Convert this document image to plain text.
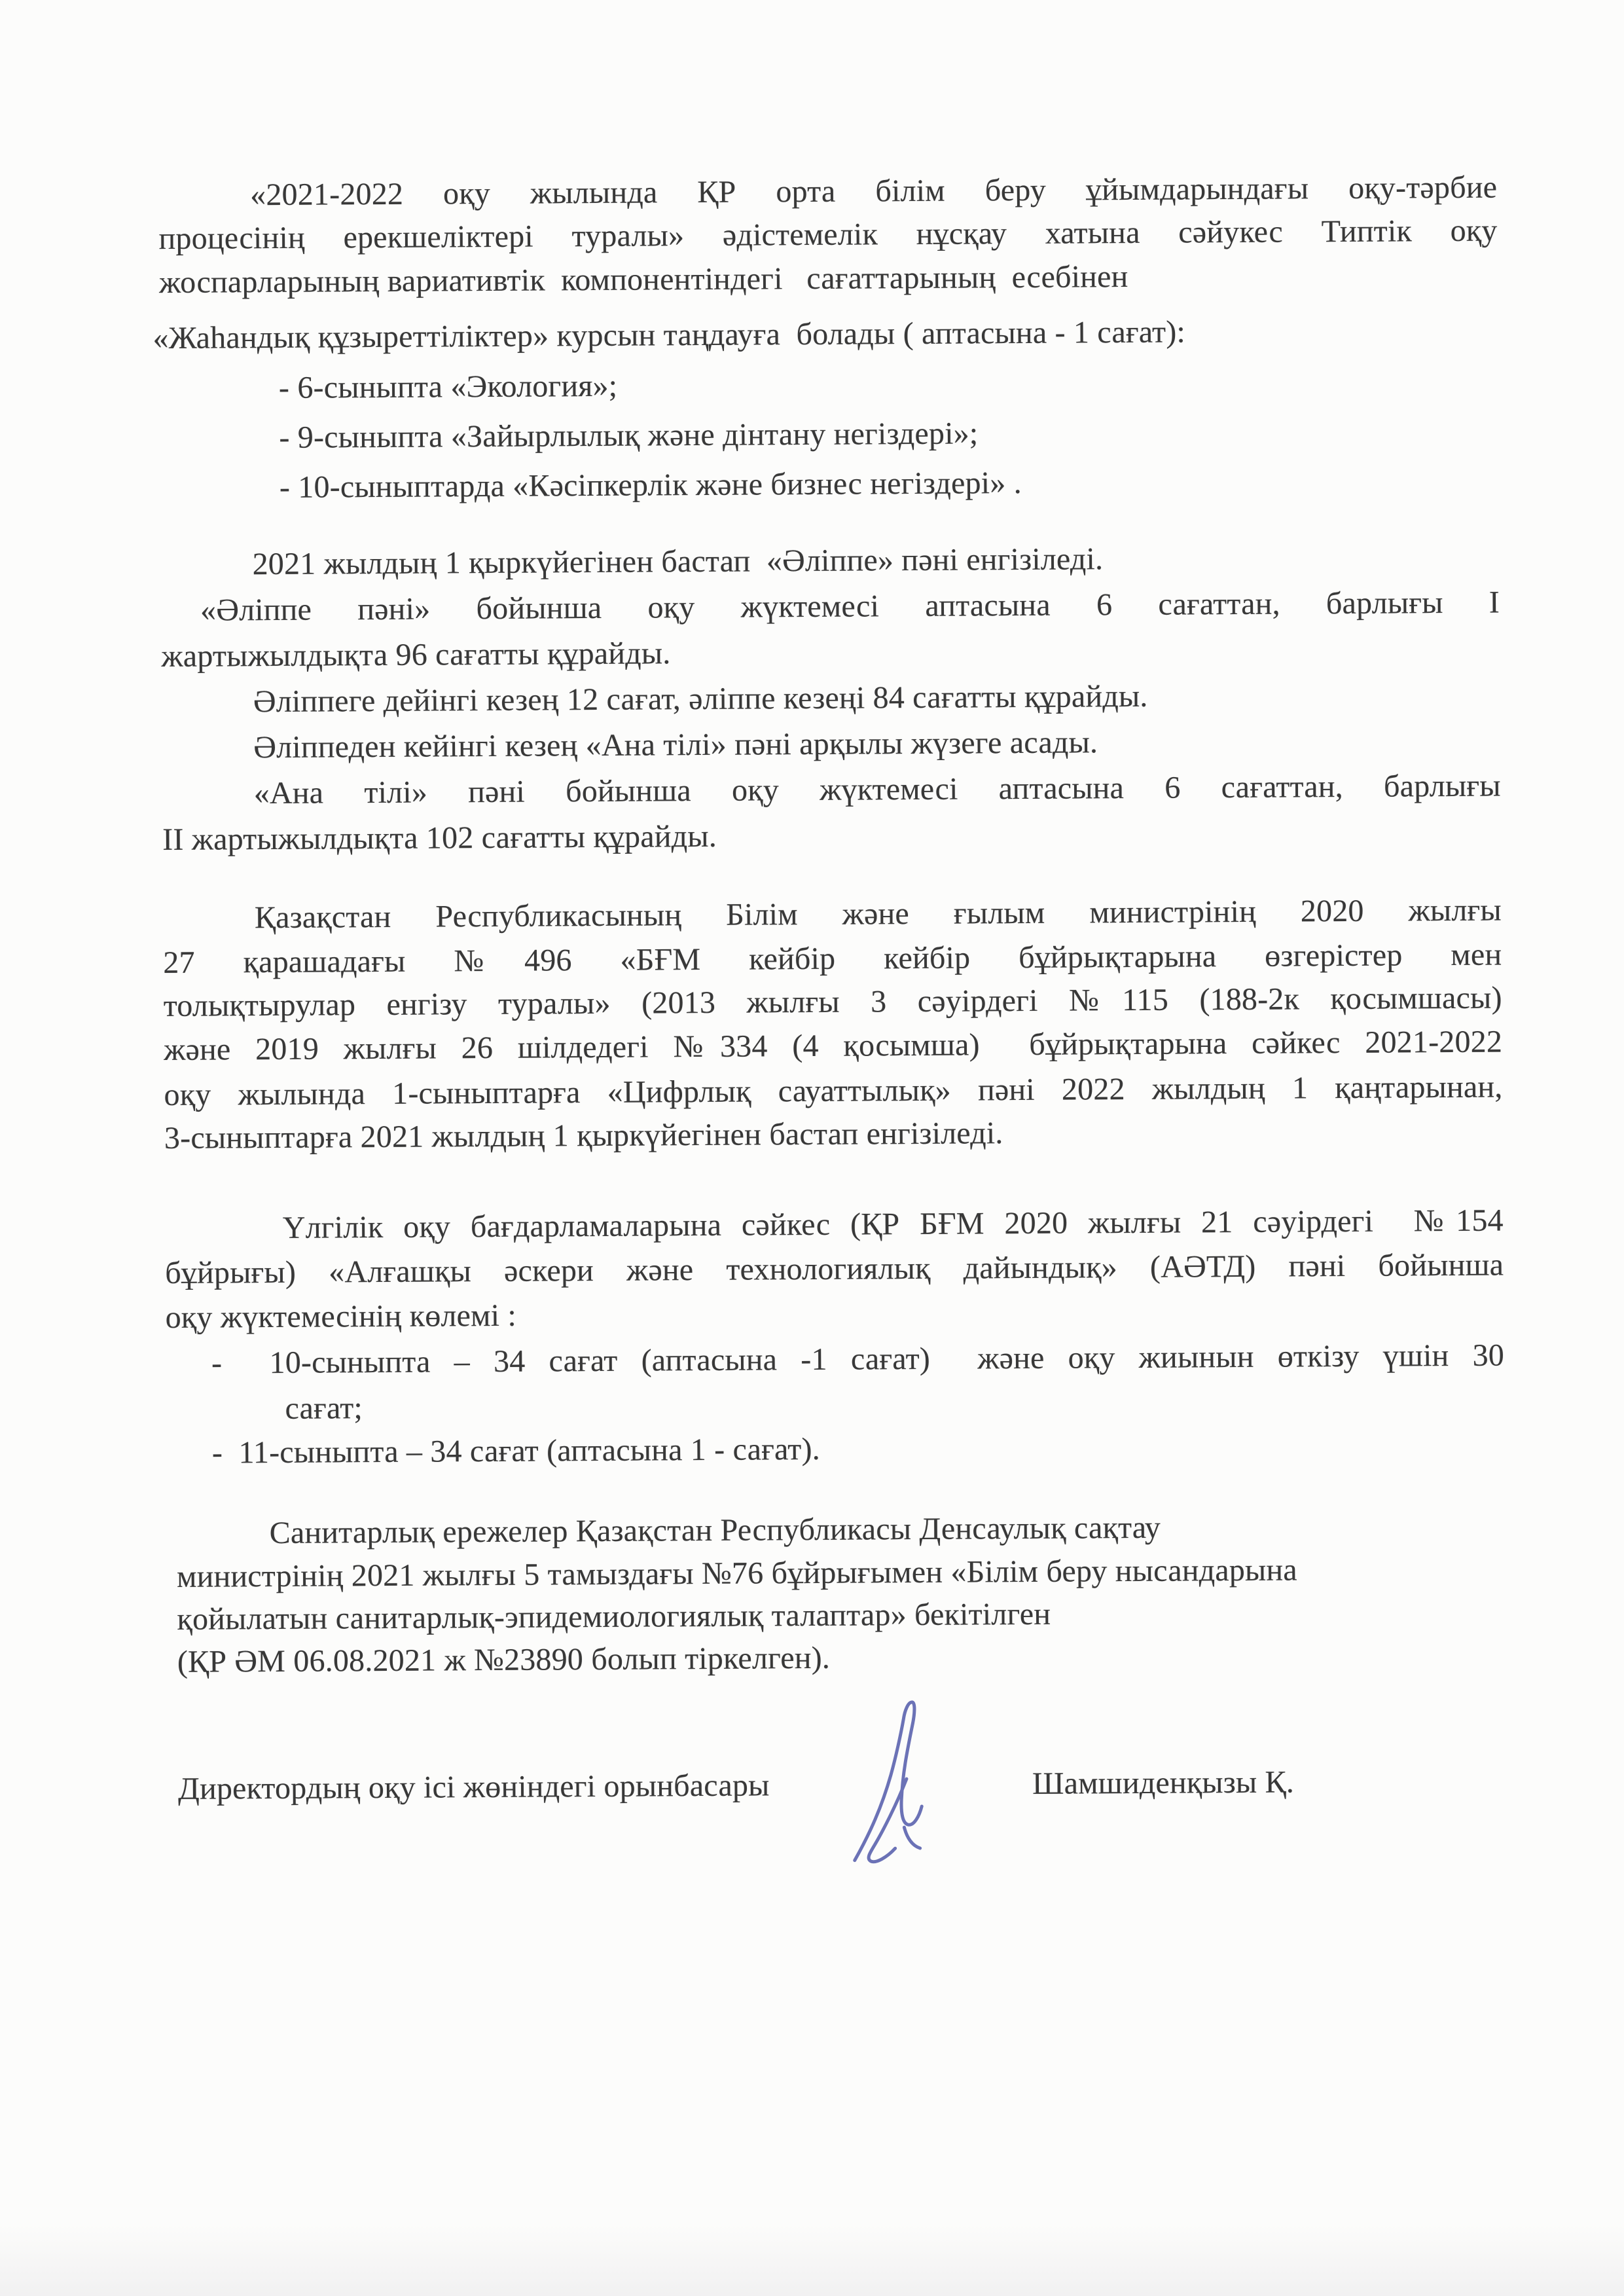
«2021-2022 оқу жылында ҚР орта білім беру ұйымдарындағы оқу-тәрбие
процесінің ерекшеліктері туралы» әдістемелік нұсқау хатына сәйукес Типтік оқу
жоспарларының вариативтік  компонентіндегі   сағаттарының  есебінен
«Жаһандық құзыреттіліктер» курсын таңдауға  болады ( аптасына - 1 сағат):
- 6-сыныпта «Экология»;
- 9-сыныпта «Зайырлылық және дінтану негіздері»;
- 10-сыныптарда «Кәсіпкерлік және бизнес негіздері» .
2021 жылдың 1 қыркүйегінен бастап  «Әліппе» пәні енгізіледі.
«Әліппе пәні» бойынша оқу жүктемесі аптасына 6 сағаттан, барлығы I
жартыжылдықта 96 сағатты құрайды.
Әліппеге дейінгі кезең 12 сағат, әліппе кезеңі 84 сағатты құрайды.
Әліппеден кейінгі кезең «Ана тілі» пәні арқылы жүзеге асады.
«Ана тілі» пәні бойынша оқу жүктемесі аптасына 6 сағаттан, барлығы
II жартыжылдықта 102 сағатты құрайды.
Қазақстан Республикасының Білім және ғылым министрінің 2020 жылғы
27 қарашадағы №496 «БҒМ кейбір кейбір бұйрықтарына өзгерістер мен
толықтырулар енгізу туралы» (2013 жылғы 3 сәуірдегі №115 (188-2к қосымшасы)
және 2019 жылғы 26 шілдедегі №334 (4 қосымша)  бұйрықтарына сәйкес 2021-2022
оқу жылында 1-сыныптарға «Цифрлық сауаттылық» пәні 2022 жылдың 1 қаңтарынан,
3-сыныптарға 2021 жылдың 1 қыркүйегінен бастап енгізіледі.
Үлгілік оқу бағдарламаларына сәйкес (ҚР БҒМ 2020 жылғы 21 сәуірдегі  №154
бұйрығы) «Алғашқы әскери және технологиялық дайындық» (АӘТД) пәні бойынша
оқу жүктемесінің көлемі :
-  10-сыныпта – 34 сағат (аптасына -1 сағат)  және оқу жиынын өткізу үшін 30
сағат;
-  11-сыныпта – 34 сағат (аптасына 1 - сағат).
Санитарлық ережелер Қазақстан Республикасы Денсаулық сақтау
министрінің 2021 жылғы 5 тамыздағы №76 бұйрығымен «Білім беру нысандарына
қойылатын санитарлық-эпидемиологиялық талаптар» бекітілген
(ҚР ӘМ 06.08.2021 ж №23890 болып тіркелген).
Директордың оқу ісі жөніндегі орынбасары	Шамшиденқызы Қ.
